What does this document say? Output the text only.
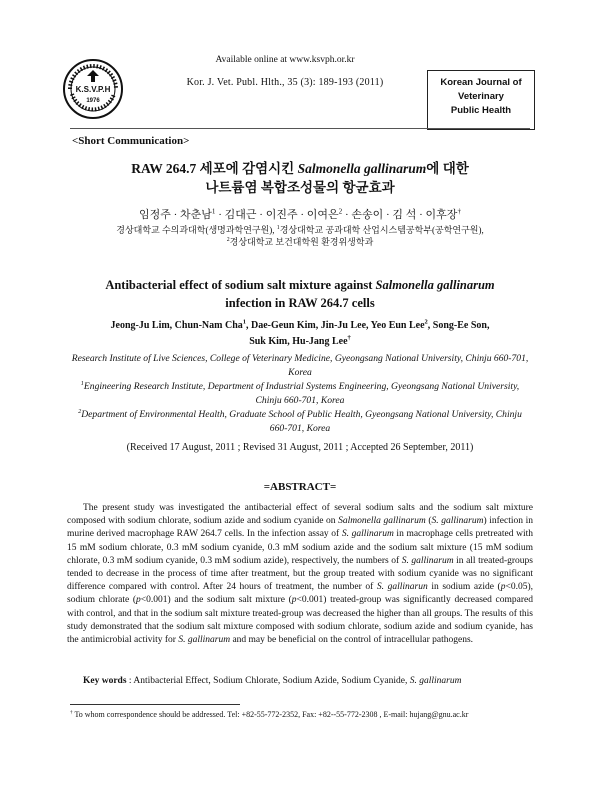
K.S.V.P.H
1976
Available online at www.ksvph.or.kr
Kor. J. Vet. Publ. Hlth., 35 (3): 189-193 (2011)	Korean Journal of
Veterinary
Public Health
<Short Communication>
RAW 264.7 세포에 감염시킨 Salmonella gallinarum에 대한
나트륨염 복합조성물의 항균효과
임정주 · 차춘남$^1$ · 김대근 · 이진주 · 이여은$^2$ · 손송이 · 김 석 · 이후장†
경상대학교 수의과대학(생명과학연구원), $^1$경상대학교 공과대학 산업시스템공학부(공학연구원),
$^2$경상대학교 보건대학원 환경위생학과
Antibacterial effect of sodium salt mixture against Salmonella gallinarum
infection in RAW 264.7 cells
Jeong-Ju Lim, Chun-Nam Cha$^1$, Dae-Geun Kim, Jin-Ju Lee, Yeo Eun Lee$^2$, Song-Ee Son,
Suk Kim, Hu-Jang Lee†

Research Institute of Live Sciences, College of Veterinary Medicine, Gyeongsang National University, Chinju 660-701, Korea

$^1$Engineering Research Institute, Department of Industrial Systems Engineering, Gyeongsang National University, Chinju 660-701, Korea

$^2$Department of Environmental Health, Graduate School of Public Health, Gyeongsang National University, Chinju 660-701, Korea

(Received 17 August, 2011 ; Revised 31 August, 2011 ; Accepted 26 September, 2011)
=ABSTRACT=

The present study was investigated the antibacterial effect of several sodium salts and the sodium salt mixture composed with sodium chlorate, sodium azide and sodium cyanide on Salmonella gallinarum (S. gallinarum) infection in murine derived macrophage RAW 264.7 cells. In the infection assay of S. gallinarum in macrophage cells pretreated with 15 mM sodium chlorate, 0.3 mM sodium cyanide, 0.3 mM sodium azide and the sodium salt mixture (15 mM sodium chlorate, 0.3 mM sodium cyanide, 0.3 mM sodium azide), respectively, the numbers of S. gallinarum in all treated-groups tended to decrease in the process of time after treatment, but the group treated with sodium cyanide was no significant difference compared with control. After 24 hours of treatment, the number of S. gallinarun in sodium azide (p<0.05), sodium chlorate (p<0.001) and the sodium salt mixture (p<0.001) treated-group was significantly decreased compared with control, and that in the sodium salt mixture treated-group was decreased the higher than all groups. The results of this study demonstrated that the sodium salt mixture composed with sodium chlorate, sodium azide and sodium cyanide, has the antimicrobial activity for S. gallinarum and may be beneficial on the control of intracellular pathogens.

Key words : Antibacterial Effect, Sodium Chlorate, Sodium Azide, Sodium Cyanide, S. gallinarum
† To whom correspondence should be addressed. Tel: +82-55-772-2352, Fax: +82--55-772-2308 , E-mail: hujang@gnu.ac.kr
